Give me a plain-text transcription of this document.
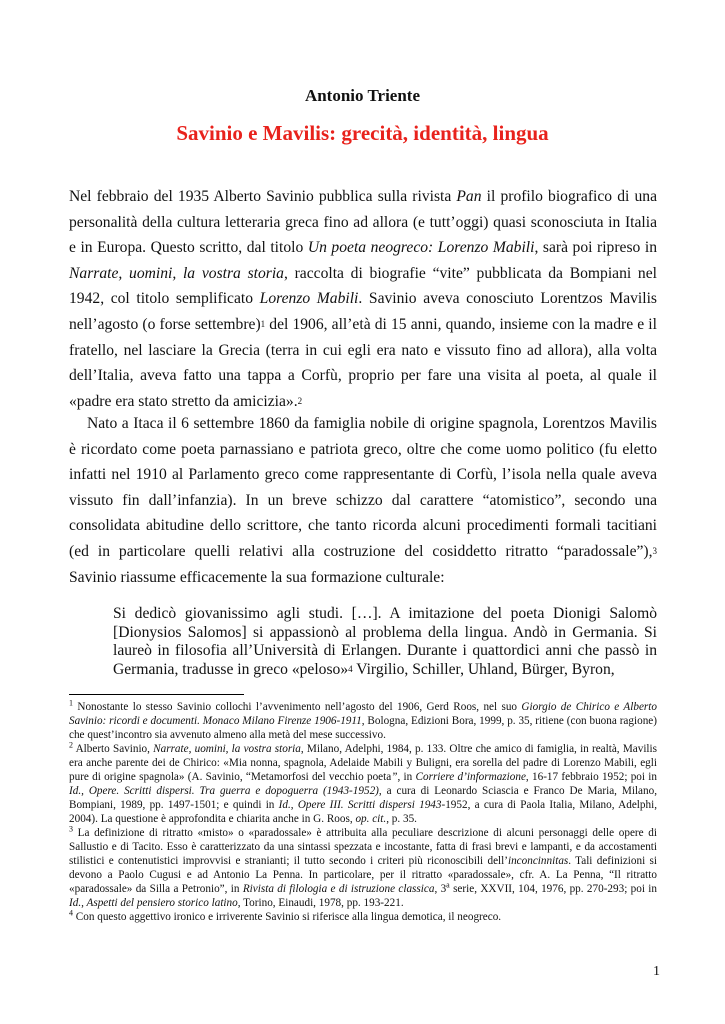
Antonio Triente
Savinio e Mavilis: grecità, identità, lingua

Nel febbraio del 1935 Alberto Savinio pubblica sulla rivista Pan il profilo biografico di una personalità della cultura letteraria greca fino ad allora (e tutt’oggi) quasi sconosciuta in Italia e in Europa. Questo scritto, dal titolo Un poeta neogreco: Lorenzo Mabili, sarà poi ripreso in Narrate, uomini, la vostra storia, raccolta di biografie “vite” pubblicata da Bompiani nel 1942, col titolo semplificato Lorenzo Mabili. Savinio aveva conosciuto Lorentzos Mavilis nell’agosto (o forse settembre)1 del 1906, all’età di 15 anni, quando, insieme con la madre e il fratello, nel lasciare la Grecia (terra in cui egli era nato e vissuto fino ad allora), alla volta dell’Italia, aveva fatto una tappa a Corfù, proprio per fare una visita al poeta, al quale il «padre era stato stretto da amicizia».2

Nato a Itaca il 6 settembre 1860 da famiglia nobile di origine spagnola, Lorentzos Mavilis è ricordato come poeta parnassiano e patriota greco, oltre che come uomo politico (fu eletto infatti nel 1910 al Parlamento greco come rappresentante di Corfù, l’isola nella quale aveva vissuto fin dall’infanzia). In un breve schizzo dal carattere “atomistico”, secondo una consolidata abitudine dello scrittore, che tanto ricorda alcuni procedimenti formali tacitiani (ed in particolare quelli relativi alla costruzione del cosiddetto ritratto “paradossale”),3 Savinio riassume efficacemente la sua formazione culturale:

Si dedicò giovanissimo agli studi. […]. A imitazione del poeta Dionigi Salomò [Dionysios Salomos] si appassionò al problema della lingua. Andò in Germania. Si laureò in filosofia all’Università di Erlangen. Durante i quattordici anni che passò in Germania, tradusse in greco «peloso»4 Virgilio, Schiller, Uhland, Bürger, Byron,

$^1$ Nonostante lo stesso Savinio collochi l’avvenimento nell’agosto del 1906, Gerd Roos, nel suo Giorgio de Chirico e Alberto Savinio: ricordi e documenti. Monaco Milano Firenze 1906-1911, Bologna, Edizioni Bora, 1999, p. 35, ritiene (con buona ragione) che quest’incontro sia avvenuto almeno alla metà del mese successivo.

$^2$ Alberto Savinio, Narrate, uomini, la vostra storia, Milano, Adelphi, 1984, p. 133. Oltre che amico di famiglia, in realtà, Mavilis era anche parente dei de Chirico: «Mia nonna, spagnola, Adelaide Mabili y Buligni, era sorella del padre di Lorenzo Mabili, egli pure di origine spagnola» (A. Savinio, “Metamorfosi del vecchio poeta”, in Corriere d’informazione, 16-17 febbraio 1952; poi in Id., Opere. Scritti dispersi. Tra guerra e dopoguerra (1943-1952), a cura di Leonardo Sciascia e Franco De Maria, Milano, Bompiani, 1989, pp. 1497-1501; e quindi in Id., Opere III. Scritti dispersi 1943-1952, a cura di Paola Italia, Milano, Adelphi, 2004). La questione è approfondita e chiarita anche in G. Roos, op. cit., p. 35.

$^3$ La definizione di ritratto «misto» o «paradossale» è attribuita alla peculiare descrizione di alcuni personaggi delle opere di Sallustio e di Tacito. Esso è caratterizzato da una sintassi spezzata e incostante, fatta di frasi brevi e lampanti, e da accostamenti stilistici e contenutistici improvvisi e stranianti; il tutto secondo i criteri più riconoscibili dell’inconcinnitas. Tali definizioni si devono a Paolo Cugusi e ad Antonio La Penna. In particolare, per il ritratto «paradossale», cfr. A. La Penna, “Il ritratto «paradossale» da Silla a Petronio”, in Rivista di filologia e di istruzione classica, 3$^a$ serie, XXVII, 104, 1976, pp. 270-293; poi in Id., Aspetti del pensiero storico latino, Torino, Einaudi, 1978, pp. 193-221.

$^4$ Con questo aggettivo ironico e irriverente Savinio si riferisce alla lingua demotica, il neogreco.

1
